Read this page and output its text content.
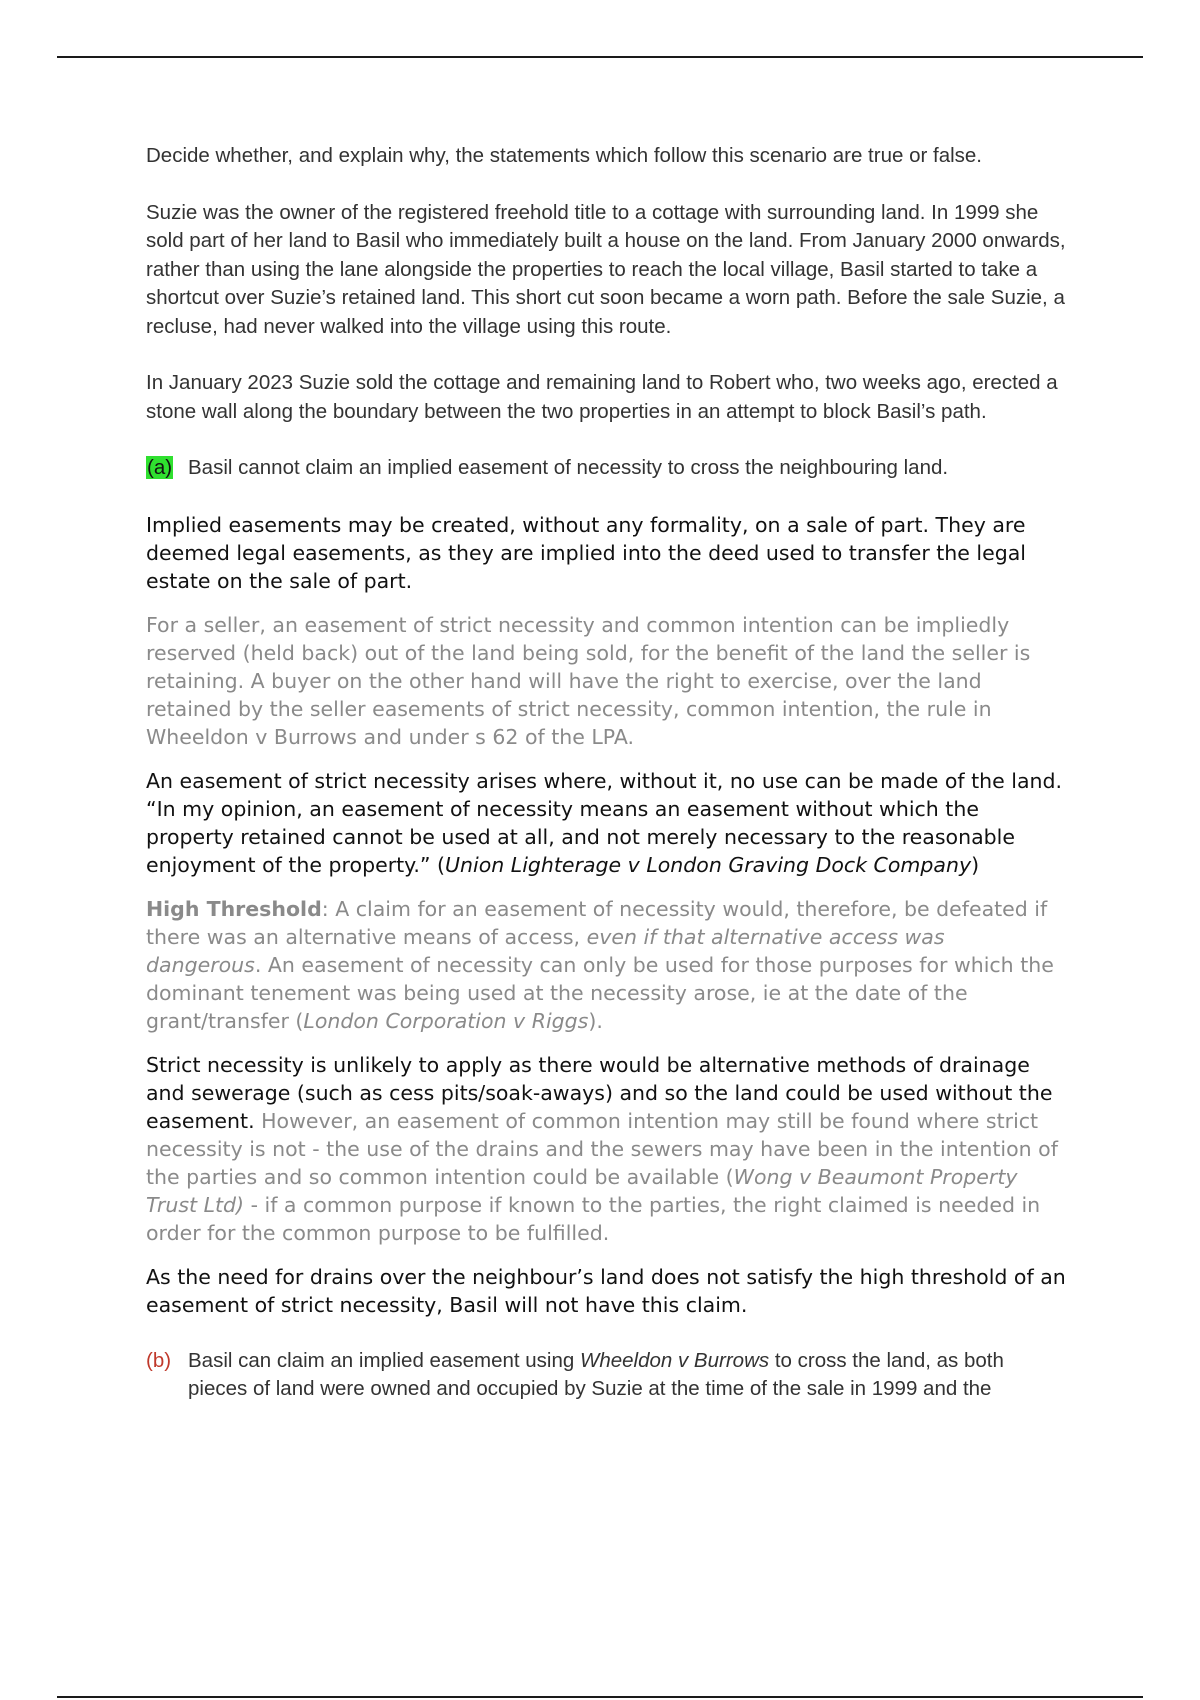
Decide whether, and explain why, the statements which follow this scenario are true or false.

Suzie was the owner of the registered freehold title to a cottage with surrounding land. In 1999 she sold part of her land to Basil who immediately built a house on the land. From January 2000 onwards, rather than using the lane alongside the properties to reach the local village, Basil started to take a shortcut over Suzie’s retained land. This short cut soon became a worn path. Before the sale Suzie, a recluse, had never walked into the village using this route.

In January 2023 Suzie sold the cottage and remaining land to Robert who, two weeks ago, erected a stone wall along the boundary between the two properties in an attempt to block Basil’s path.

(a) Basil cannot claim an implied easement of necessity to cross the neighbouring land.

Implied easements may be created, without any formality, on a sale of part. They are deemed legal easements, as they are implied into the deed used to transfer the legal estate on the sale of part.

For a seller, an easement of strict necessity and common intention can be impliedly reserved (held back) out of the land being sold, for the benefit of the land the seller is retaining. A buyer on the other hand will have the right to exercise, over the land retained by the seller easements of strict necessity, common intention, the rule in Wheeldon v Burrows and under s 62 of the LPA.

An easement of strict necessity arises where, without it, no use can be made of the land. “In my opinion, an easement of necessity means an easement without which the property retained cannot be used at all, and not merely necessary to the reasonable enjoyment of the property.” (Union Lighterage v London Graving Dock Company)

High Threshold: A claim for an easement of necessity would, therefore, be defeated if there was an alternative means of access, even if that alternative access was dangerous. An easement of necessity can only be used for those purposes for which the dominant tenement was being used at the necessity arose, ie at the date of the grant/transfer (London Corporation v Riggs).

Strict necessity is unlikely to apply as there would be alternative methods of drainage and sewerage (such as cess pits/soak-aways) and so the land could be used without the easement. However, an easement of common intention may still be found where strict necessity is not - the use of the drains and the sewers may have been in the intention of the parties and so common intention could be available (Wong v Beaumont Property Trust Ltd) - if a common purpose if known to the parties, the right claimed is needed in order for the common purpose to be fulfilled.

As the need for drains over the neighbour’s land does not satisfy the high threshold of an easement of strict necessity, Basil will not have this claim.

(b) Basil can claim an implied easement using Wheeldon v Burrows to cross the land, as both pieces of land were owned and occupied by Suzie at the time of the sale in 1999 and the
